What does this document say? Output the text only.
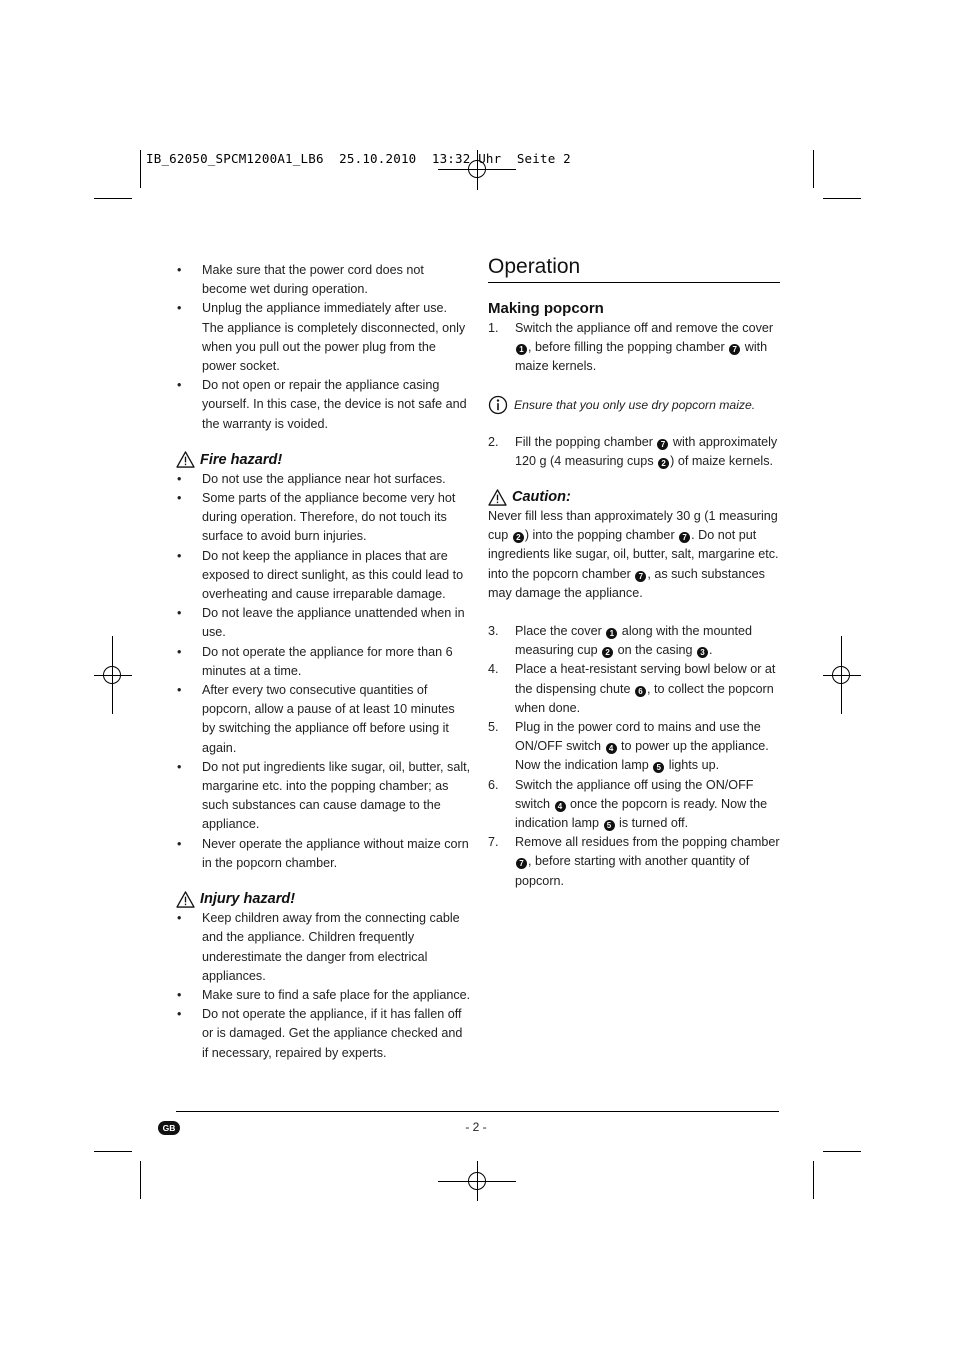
IB_62050_SPCM1200A1_LB6  25.10.2010  13:32 Uhr  Seite 2
• Make sure that the power cord does not become wet during operation.
• Unplug the appliance immediately after use. The appliance is completely disconnected, only when you pull out the power plug from the power socket.
• Do not open or repair the appliance casing yourself. In this case, the device is not safe and the warranty is voided.
Fire hazard!
• Do not use the appliance near hot surfaces.
• Some parts of the appliance become very hot during operation. Therefore, do not touch its surface to avoid burn injuries.
• Do not keep the appliance in places that are exposed to direct sunlight, as this could lead to overheating and cause irreparable damage.
• Do not leave the appliance unattended when in use.
• Do not operate the appliance for more than 6 minutes at a time.
• After every two consecutive quantities of popcorn, allow a pause of at least 10 minutes by switching the appliance off before using it again.
• Do not put ingredients like sugar, oil, butter, salt, margarine etc. into the popping chamber; as such substances can cause damage to the appliance.
• Never operate the appliance without maize corn in the popcorn chamber.
Injury hazard!
• Keep children away from the connecting cable and the appliance. Children frequently underestimate the danger from electrical appliances.
• Make sure to find a safe place for the appliance.
• Do not operate the appliance, if it has fallen off or is damaged. Get the appliance checked and if necessary, repaired by experts.
Operation
Making popcorn
1. Switch the appliance off and remove the cover 1 , before filling the popping chamber 7 with maize kernels.
Ensure that you only use dry popcorn maize.
2. Fill the popping chamber 7 with approximately 120 g (4 measuring cups 2 ) of maize kernels.
Caution:
Never fill less than approximately 30 g (1 measuring cup 2 ) into the popping chamber 7 . Do not put ingredients like sugar, oil, butter, salt, margarine etc. into the popcorn chamber 7 , as such substances may damage the appliance.
3. Place the cover 1 along with the mounted measuring cup 2 on the casing 3 .
4. Place a heat-resistant serving bowl below or at the dispensing chute 6 , to collect the popcorn when done.
5. Plug in the power cord to mains and use the ON/OFF switch 4 to power up the appliance. Now the indication lamp 5 lights up.
6. Switch the appliance off using the ON/OFF switch 4 once the popcorn is ready. Now the indication lamp 5 is turned off.
7. Remove all residues from the popping chamber 7 , before starting with another quantity of popcorn.
GB	- 2 -
